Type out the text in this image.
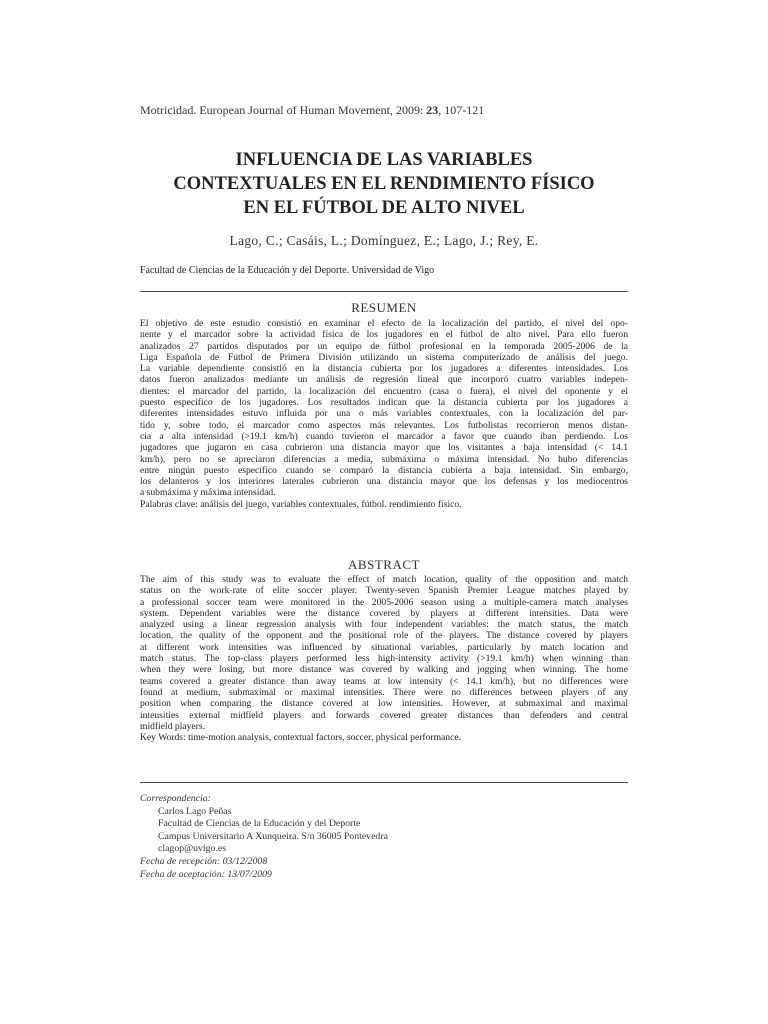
Motricidad. European Journal of Human Movement, 2009: 23, 107-121
INFLUENCIA DE LAS VARIABLES
CONTEXTUALES EN EL RENDIMIENTO FÍSICO
EN EL FÚTBOL DE ALTO NIVEL
Lago, C.; Casáis, L.; Domínguez, E.; Lago, J.; Rey, E.
Facultad de Ciencias de la Educación y del Deporte. Universidad de Vigo
RESUMEN
El objetivo de este estudio consistió en examinar el efecto de la localización del partido, el nivel del opo-
nente y el marcador sobre la actividad física de los jugadores en el fútbol de alto nivel. Para ello fueron
analizados 27 partidos disputados por un equipo de fútbol profesional en la temporada 2005-2006 de la
Liga Española de Fútbol de Primera División utilizando un sistema computerizado de análisis del juego.
La variable dependiente consistió en la distancia cubierta por los jugadores a diferentes intensidades. Los
datos fueron analizados mediante un análisis de regresión lineal que incorporó cuatro variables indepen-
dientes: el marcador del partido, la localización del encuentro (casa o fuera), el nivel del oponente y el
puesto específico de los jugadores. Los resultados indican que la distancia cubierta por los jugadores a
diferentes intensidades estuvo influida por una o más variables contextuales, con la localización del par-
tido y, sobre todo, el marcador como aspectos más relevantes. Los futbolistas recorrieron menos distan-
cia a alta intensidad (>19.1 km/h) cuando tuvieron el marcador a favor que cuando iban perdiendo. Los
jugadores que jugaron en casa cubrieron una distancia mayor que los visitantes a baja intensidad (< 14.1
km/h), pero no se apreciaron diferencias a media, submáxima o máxima intensidad. No hubo diferencias
entre ningún puesto específico cuando se comparó la distancia cubierta a baja intensidad. Sin embargo,
los delanteros y los interiores laterales cubrieron una distancia mayor que los defensas y los mediocentros
a submáxima y máxima intensidad.
Palabras clave: análisis del juego, variables contextuales, fútbol. rendimiento físico.
ABSTRACT
The aim of this study was to evaluate the effect of match location, quality of the opposition and match
status on the work-rate of elite soccer player. Twenty-seven Spanish Premier League matches played by
a professional soccer team were monitored in the 2005-2006 season using a multiple-camera match analyses
system. Dependent variables were the distance covered by players at different intensities. Data were
analyzed using a linear regression analysis with four independent variables: the match status, the match
location, the quality of the opponent and the positional role of the players. The distance covered by players
at different work intensities was influenced by situational variables, particularly by match location and
match status. The top-class players performed less high-intensity activity (>19.1 km/h) when winning than
when they were losing, but more distance was covered by walking and jogging when winning. The home
teams covered a greater distance than away teams at low intensity (< 14.1 km/h), but no differences were
found at medium, submaximal or maximal intensities. There were no differences between players of any
position when comparing the distance covered at low intensities. However, at submaximal and maximal
intensities external midfield players and forwards covered greater distances than defenders and central
midfield players.
Key Words: time-motion analysis, contextual factors, soccer, physical performance.
Correspondencia:
Carlos Lago Peñas
Facultad de Ciencias de la Educación y del Deporte
Campus Universitario A Xunqueira. S/n 36005 Pontevedra
clagop@uvigo.es
Fecha de recepción: 03/12/2008
Fecha de aceptación: 13/07/2009
